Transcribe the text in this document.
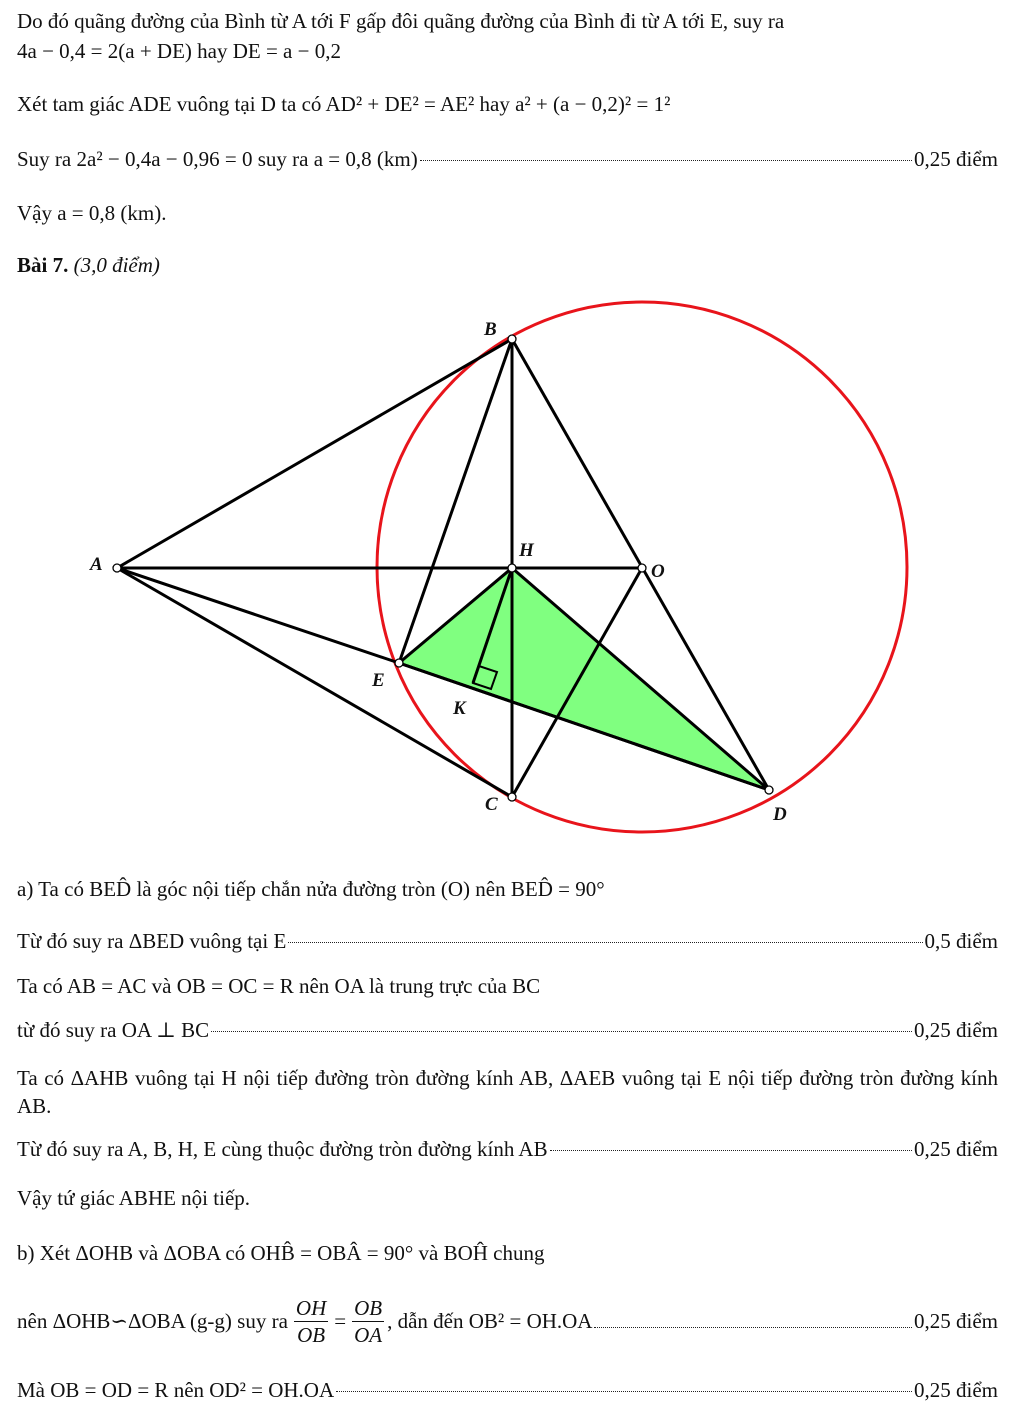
Do đó quãng đường của Bình từ A tới F gấp đôi quãng đường của Bình đi từ A tới E, suy ra
4a − 0,4 = 2(a + DE) hay DE = a − 0,2
Xét tam giác ADE vuông tại D ta có AD² + DE² = AE² hay a² + (a − 0,2)² = 1²
Suy ra 2a² − 0,4a − 0,96 = 0 suy ra a = 0,8 (km)	0,25 điểm
Vậy a = 0,8 (km).
Bài 7. (3,0 điểm)
B
A
H
O
E
K
C	D
a) Ta có BED̂ là góc nội tiếp chắn nửa đường tròn (O) nên BED̂ = 90°
Từ đó suy ra ΔBED vuông tại E	0,5 điểm
Ta có AB = AC và OB = OC = R nên OA là trung trực của BC
từ đó suy ra OA ⊥ BC	0,25 điểm
Ta có ΔAHB vuông tại H nội tiếp đường tròn đường kính AB, ΔAEB vuông tại E nội tiếp đường tròn đường kính AB.
Từ đó suy ra A, B, H, E cùng thuộc đường tròn đường kính AB	0,25 điểm
Vậy tứ giác ABHE nội tiếp.
b) Xét ΔOHB và ΔOBA có OHB̂ = OBÂ = 90° và BOĤ chung
nên ΔOHB∽ΔOBA (g-g) suy ra $\frac{OH}{OB} = \frac{OB}{OA}$ , dẫn đến OB² = OH.OA	0,25 điểm
Mà OB = OD = R nên OD² = OH.OA	0,25 điểm
